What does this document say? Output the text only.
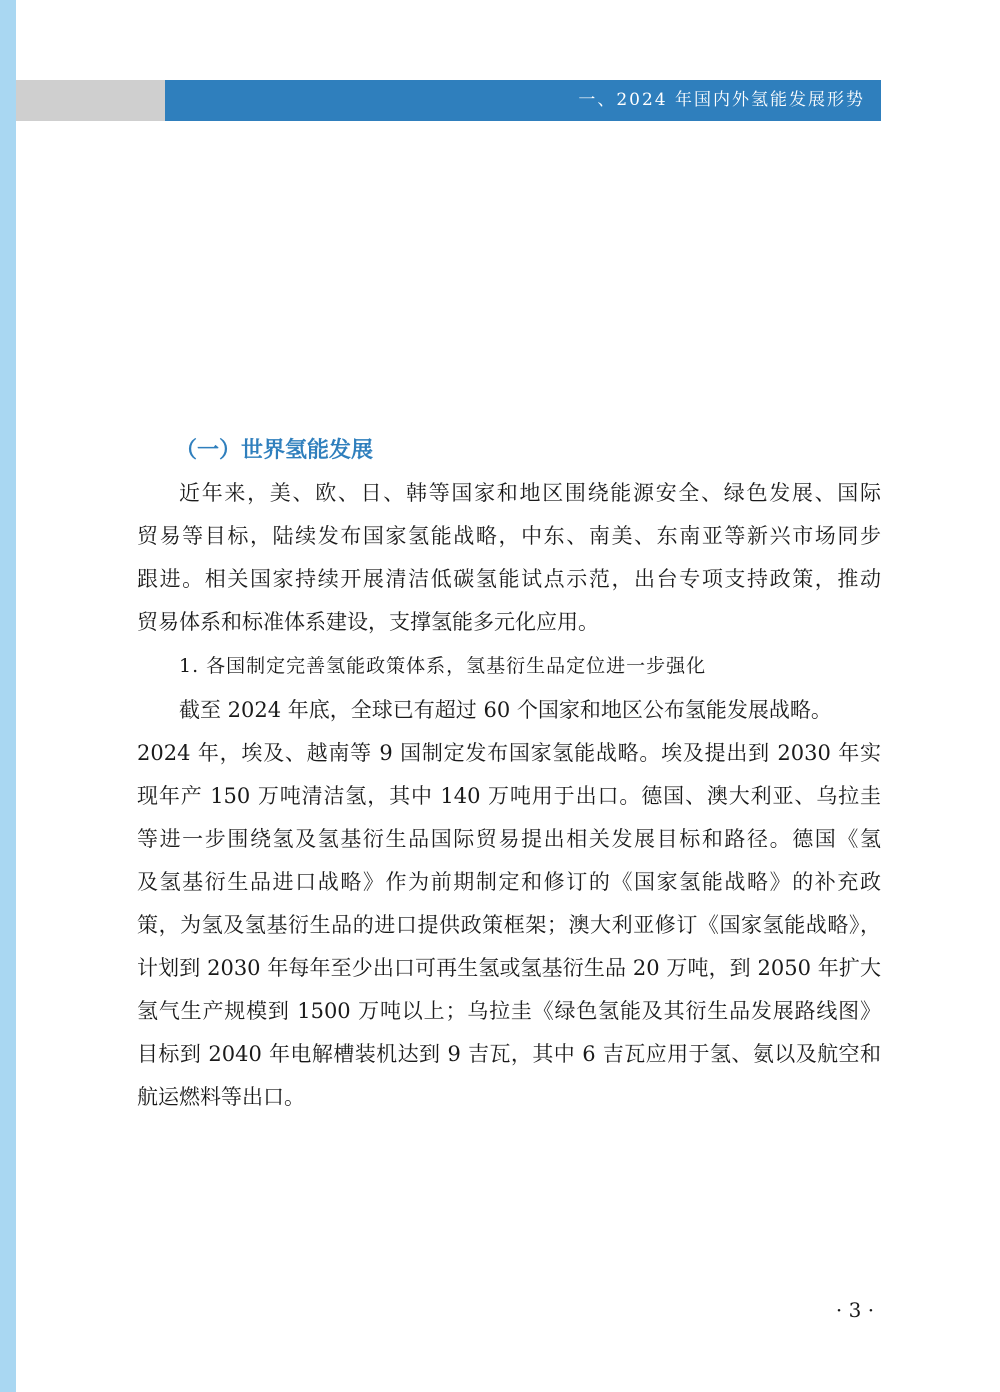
一、2024 年国内外氢能发展形势
（一）世界氢能发展
近年来，美、欧、日、韩等国家和地区围绕能源安全、绿色发展、国际
贸易等目标，陆续发布国家氢能战略，中东、南美、东南亚等新兴市场同步
跟进。相关国家持续开展清洁低碳氢能试点示范，出台专项支持政策，推动
贸易体系和标准体系建设，支撑氢能多元化应用。
1. 各国制定完善氢能政策体系，氢基衍生品定位进一步强化
截至 2024 年底，全球已有超过 60 个国家和地区公布氢能发展战略。
2024 年，埃及、越南等 9 国制定发布国家氢能战略。埃及提出到 2030 年实
现年产 150 万吨清洁氢，其中 140 万吨用于出口。德国、澳大利亚、乌拉圭
等进一步围绕氢及氢基衍生品国际贸易提出相关发展目标和路径。德国《氢
及氢基衍生品进口战略》作为前期制定和修订的《国家氢能战略》的补充政
策，为氢及氢基衍生品的进口提供政策框架；澳大利亚修订《国家氢能战略》，
计划到 2030 年每年至少出口可再生氢或氢基衍生品 20 万吨，到 2050 年扩大
氢气生产规模到 1500 万吨以上；乌拉圭《绿色氢能及其衍生品发展路线图》
目标到 2040 年电解槽装机达到 9 吉瓦，其中 6 吉瓦应用于氢、氨以及航空和
航运燃料等出口。
· 3 ·
